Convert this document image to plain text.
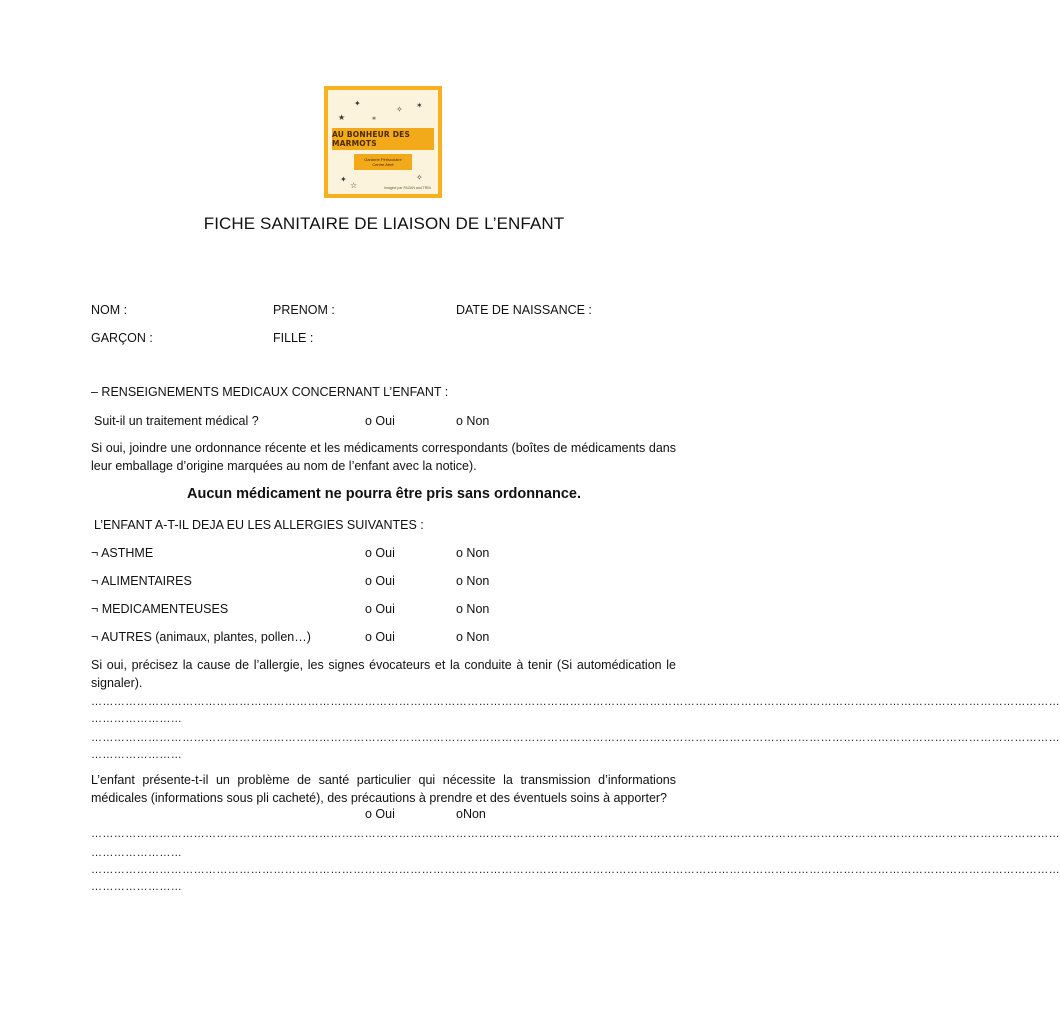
✦
✧ ✶
★	⁎
✦
☆
✧
AU BONHEUR DES MARMOTS
Garderie Périscolaire
Centre Aéré
Imaginé par PAZAN and TRIN
FICHE SANITAIRE DE LIAISON DE L’ENFANT
NOM :	PRENOM :	DATE DE NAISSANCE :
GARÇON :	FILLE :
– RENSEIGNEMENTS MEDICAUX CONCERNANT L’ENFANT :
Suit-il un traitement médical ?	o Oui	o Non
Si oui, joindre une ordonnance récente et les médicaments correspondants (boîtes de médicaments dans leur emballage d’origine marquées au nom de l’enfant avec la notice).
Aucun médicament ne pourra être pris sans ordonnance.
L’ENFANT A-T-IL DEJA EU LES ALLERGIES SUIVANTES :
¬ ASTHME	o Oui	o Non
¬ ALIMENTAIRES	o Oui	o Non
¬ MEDICAMENTEUSES	o Oui	o Non
¬ AUTRES (animaux, plantes, pollen…)	o Oui	o Non
Si oui, précisez la cause de l’allergie, les signes évocateurs et la conduite à tenir (Si automédication le signaler).
…………………………………………………………………………………………………………………………………………………………………………………………………………………………………
……………………
…………………………………………………………………………………………………………………………………………………………………………………………………………………………………
……………………
L’enfant présente-t-il un problème de santé particulier qui nécessite la transmission d’informations médicales (informations sous pli cacheté), des précautions à prendre et des éventuels soins à apporter?
o Oui	oNon
…………………………………………………………………………………………………………………………………………………………………………………………………………………………………
……………………
…………………………………………………………………………………………………………………………………………………………………………………………………………………………………
……………………
